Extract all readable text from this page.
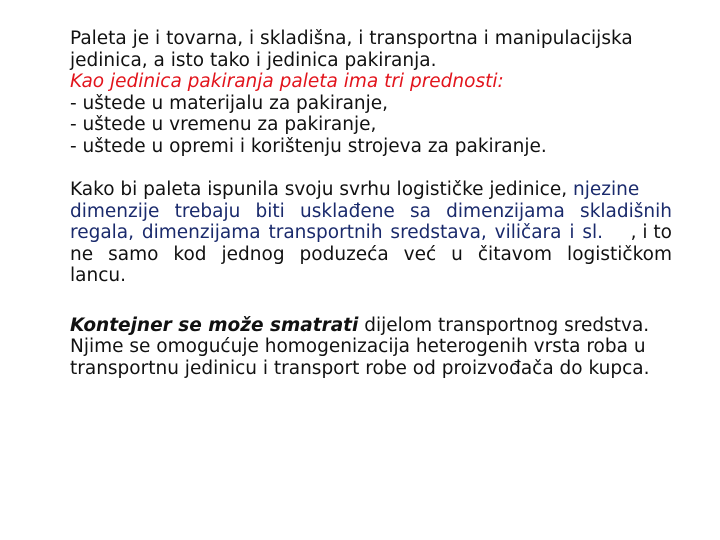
Paleta je i tovarna, i skladišna, i transportna i manipulacijska
jedinica, a isto tako i jedinica pakiranja.
Kao jedinica pakiranja paleta ima tri prednosti:
- uštede u materijalu za pakiranje,
- uštede u vremenu za pakiranje,
- uštede u opremi i korištenju strojeva za pakiranje.
Kako bi paleta ispunila svoju svrhu logističke jedinice, njezine
dimenzije trebaju biti usklađene sa dimenzijama skladišnih
regala, dimenzijama transportnih sredstava, viličara i sl. , i to
ne samo kod jednog poduzeća već u čitavom logističkom
lancu.
Kontejner se može smatrati dijelom transportnog sredstva.
Njime se omogućuje homogenizacija heterogenih vrsta roba u
transportnu jedinicu i transport robe od proizvođača do kupca.
